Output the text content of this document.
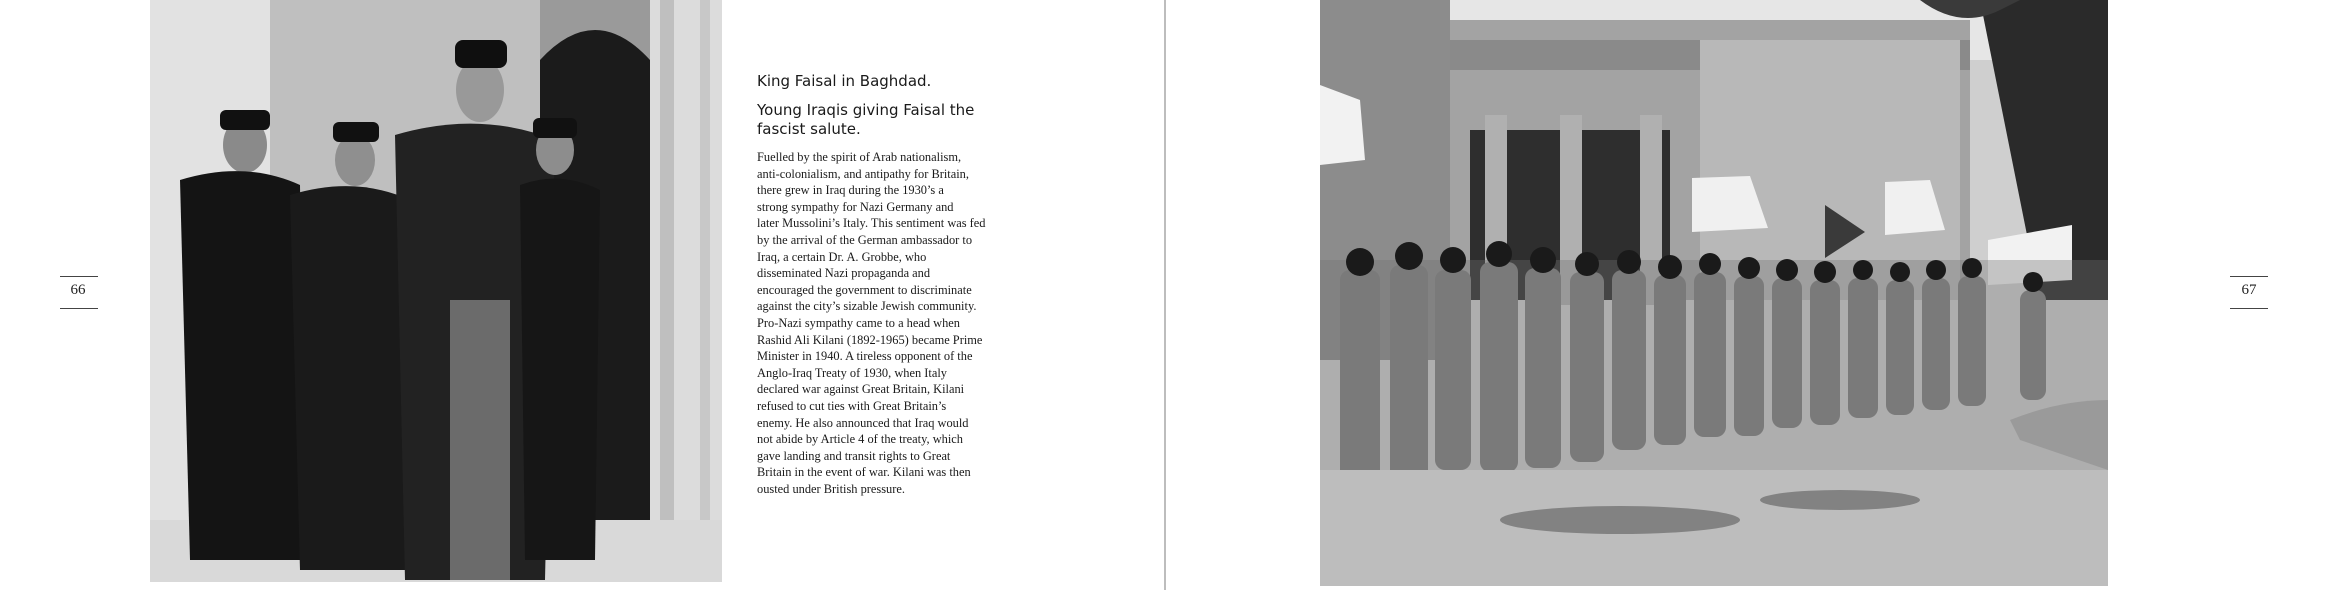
66

King Faisal in Baghdad.

Young Iraqis giving Faisal the fascist salute.

Fuelled by the spirit of Arab nationalism,
anti-colonialism, and antipathy for Britain,
there grew in Iraq during the 1930’s a
strong sympathy for Nazi Germany and
later Mussolini’s Italy. This sentiment was fed
by the arrival of the German ambassador to
Iraq, a certain Dr. A. Grobbe, who
disseminated Nazi propaganda and
encouraged the government to discriminate
against the city’s sizable Jewish community.
Pro-Nazi sympathy came to a head when
Rashid Ali Kilani (1892-1965) became Prime
Minister in 1940. A tireless opponent of the
Anglo-Iraq Treaty of 1930, when Italy
declared war against Great Britain, Kilani
refused to cut ties with Great Britain’s
enemy. He also announced that Iraq would
not abide by Article 4 of the treaty, which
gave landing and transit rights to Great
Britain in the event of war. Kilani was then
ousted under British pressure.

67
